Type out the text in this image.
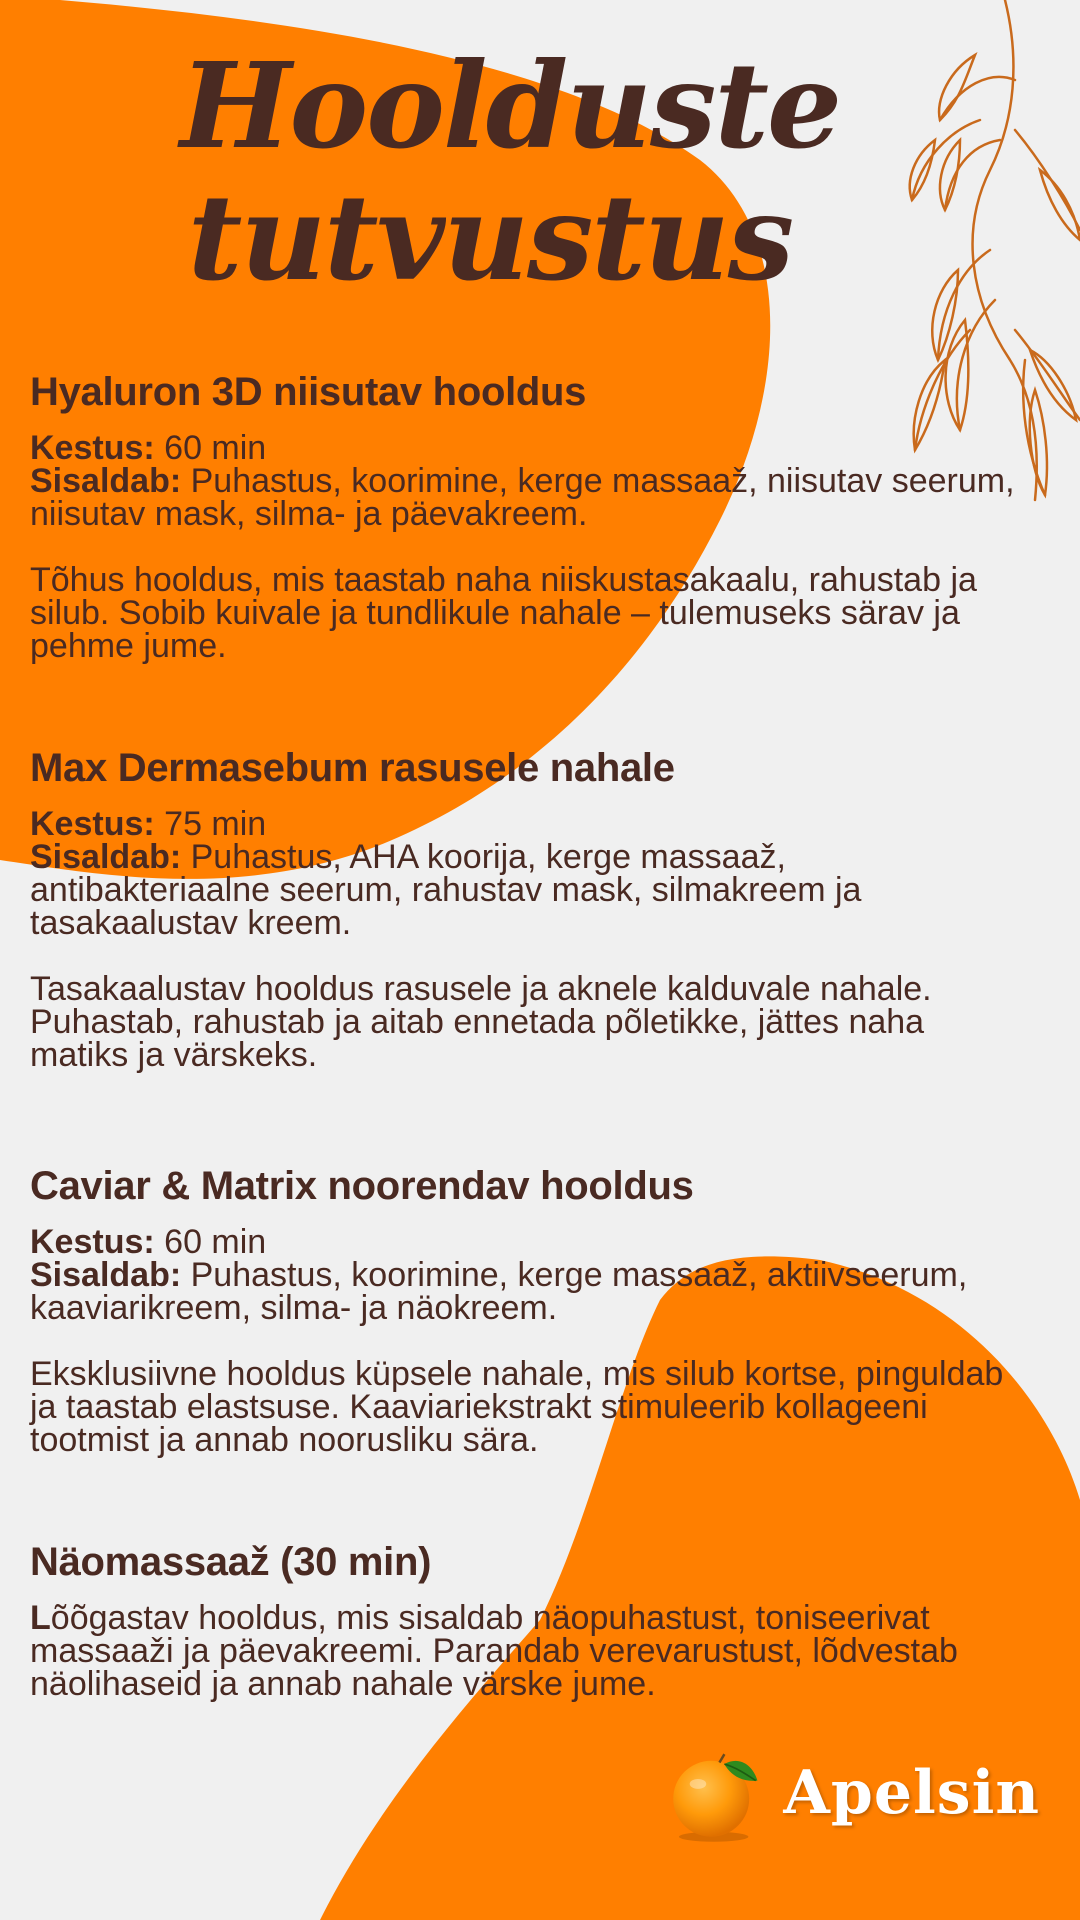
Hoolduste
tutvustus
Hyaluron 3D niisutav hooldus
Kestus: 60 min
Sisaldab: Puhastus, koorimine, kerge massaaž, niisutav seerum, niisutav mask, silma- ja päevakreem.
Tõhus hooldus, mis taastab naha niiskustasakaalu, rahustab ja silub. Sobib kuivale ja tundlikule nahale – tulemuseks särav ja pehme jume.
Max Dermasebum rasusele nahale
Kestus: 75 min
Sisaldab: Puhastus, AHA koorija, kerge massaaž, antibakteriaalne seerum, rahustav mask, silmakreem ja tasakaalustav kreem.
Tasakaalustav hooldus rasusele ja aknele kalduvale nahale. Puhastab, rahustab ja aitab ennetada põletikke, jättes naha matiks ja värskeks.
Caviar & Matrix noorendav hooldus
Kestus: 60 min
Sisaldab: Puhastus, koorimine, kerge massaaž, aktiivseerum, kaaviarikreem, silma- ja näokreem.
Eksklusiivne hooldus küpsele nahale, mis silub kortse, pinguldab ja taastab elastsuse. Kaaviariekstrakt stimuleerib kollageeni tootmist ja annab noorusliku sära.
Näomassaaž (30 min)
Lõõgastav hooldus, mis sisaldab näopuhastust, toniseerivat massaaži ja päevakreemi. Parandab verevarustust, lõdvestab näolihaseid ja annab nahale värske jume.
Apelsin
